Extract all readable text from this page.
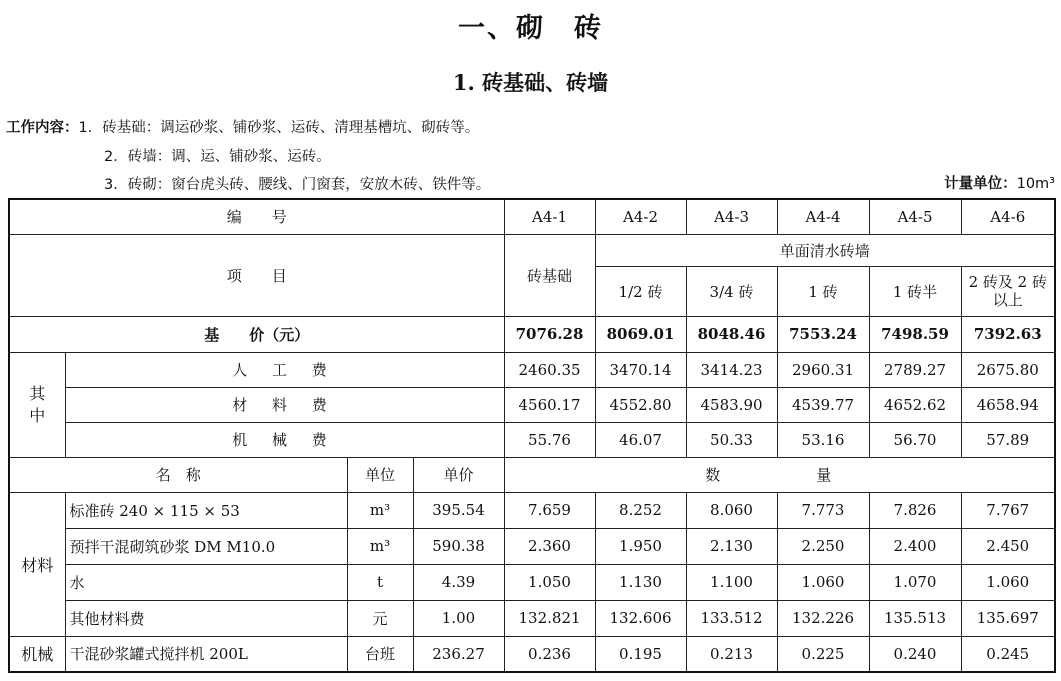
一、砌　砖
1. 砖基础、砖墙
工作内容：1．砖基础：调运砂浆、铺砂浆、运砖、清理基槽坑、砌砖等。
2．砖墙：调、运、铺砂浆、运砖。
3．砖砌：窗台虎头砖、腰线、门窗套，安放木砖、铁件等。	计量单位：10m³
编　　号				A4-1	A4-2	A4-3	A4-4	A4-5	A4-6
项　　目				砖基础	单面清水砖墙				
					1/2 砖	3/4 砖	1 砖	1 砖半	2 砖及 2 砖以上
基　　价（元）				7076.28	8069.01	8048.46	7553.24	7498.59	7392.63
其中	人 工 费			2460.35	3470.14	3414.23	2960.31	2789.27	2675.80
	材 料 费			4560.17	4552.80	4583.90	4539.77	4652.62	4658.94
	机 械 费			55.76	46.07	50.33	53.16	56.70	57.89
名　称		单位	单价	数　　量					
材料	标准砖 240 × 115 × 53	m³	395.54	7.659	8.252	8.060	7.773	7.826	7.767
	预拌干混砌筑砂浆 DM M10.0	m³	590.38	2.360	1.950	2.130	2.250	2.400	2.450
	水	t	4.39	1.050	1.130	1.100	1.060	1.070	1.060
	其他材料费	元	1.00	132.821	132.606	133.512	132.226	135.513	135.697
机械	干混砂浆罐式搅拌机 200L	台班	236.27	0.236	0.195	0.213	0.225	0.240	0.245
